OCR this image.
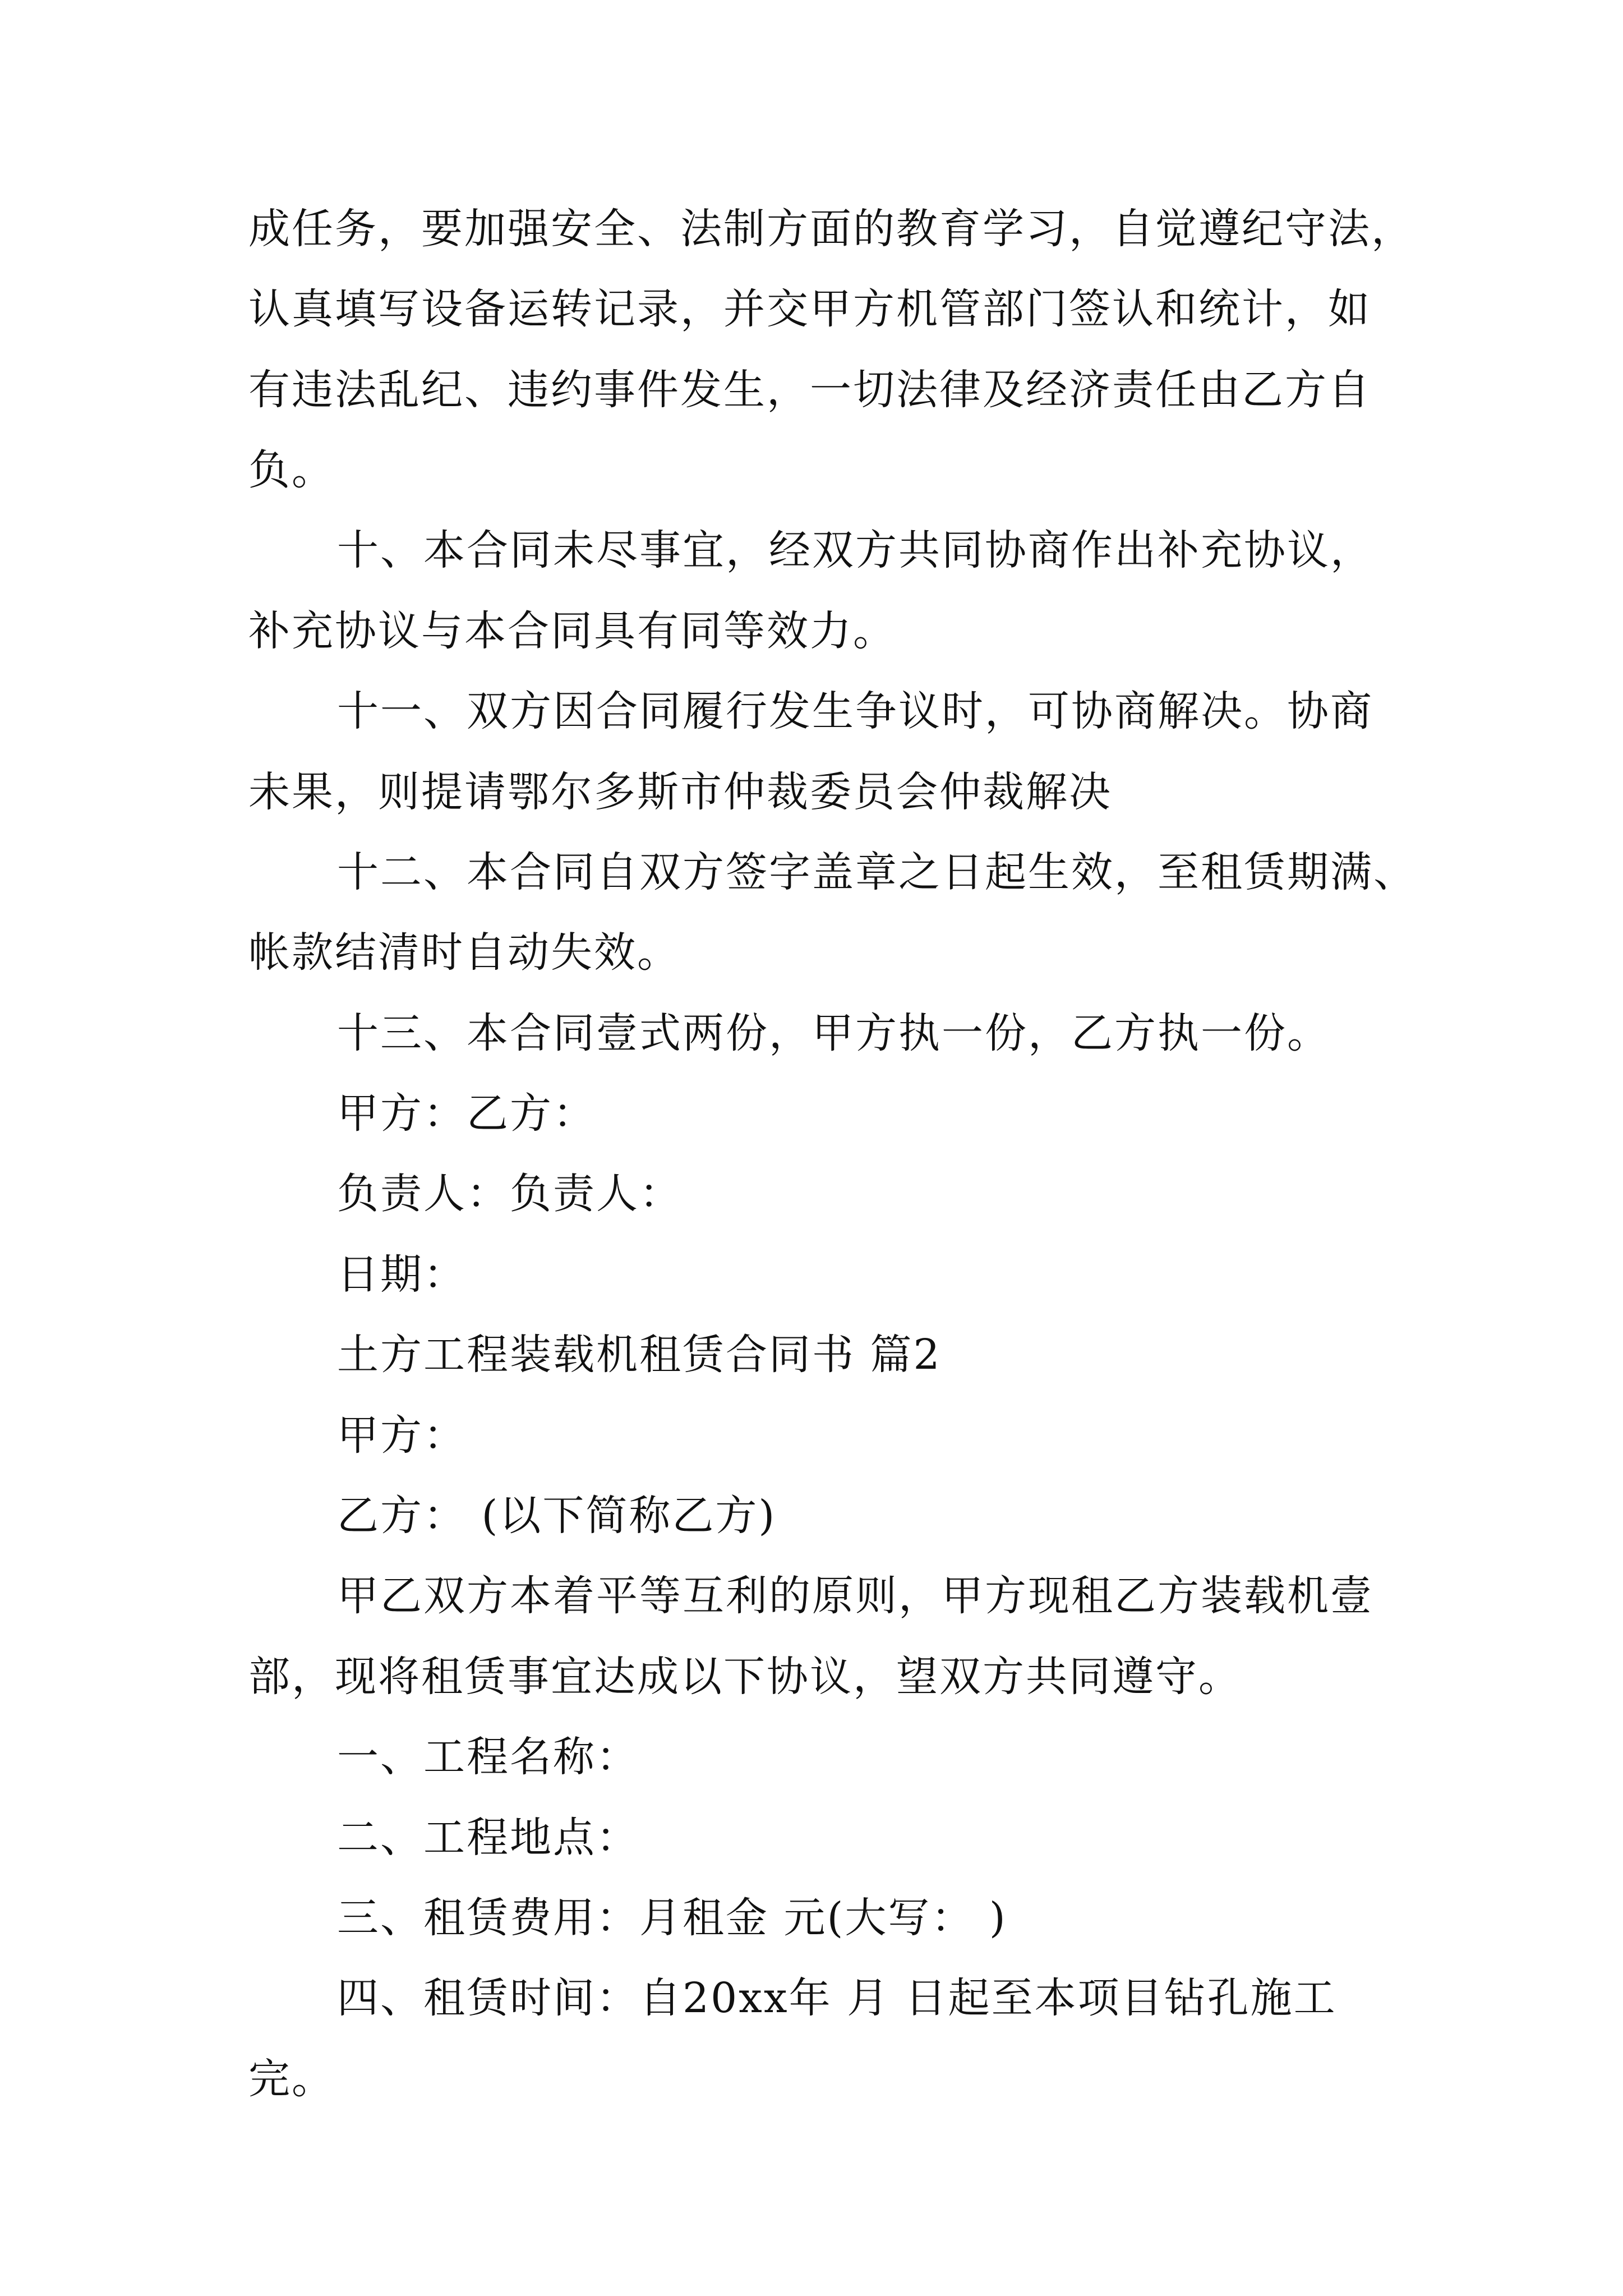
成任务，要加强安全、法制方面的教育学习，自觉遵纪守法，
认真填写设备运转记录，并交甲方机管部门签认和统计，如
有违法乱纪、违约事件发生，一切法律及经济责任由乙方自
负。
十、本合同未尽事宜，经双方共同协商作出补充协议，
补充协议与本合同具有同等效力。
十一、双方因合同履行发生争议时，可协商解决。协商
未果，则提请鄂尔多斯市仲裁委员会仲裁解决
十二、本合同自双方签字盖章之日起生效，至租赁期满、
帐款结清时自动失效。
十三、本合同壹式两份，甲方执一份，乙方执一份。
甲方：乙方：
负责人：负责人：
日期：
土方工程装载机租赁合同书 篇2
甲方：
乙方： (以下简称乙方)
甲乙双方本着平等互利的原则，甲方现租乙方装载机壹
部，现将租赁事宜达成以下协议，望双方共同遵守。
一、工程名称：
二、工程地点：
三、租赁费用：月租金 元(大写： )
四、租赁时间：自20xx年 月 日起至本项目钻孔施工
完。
